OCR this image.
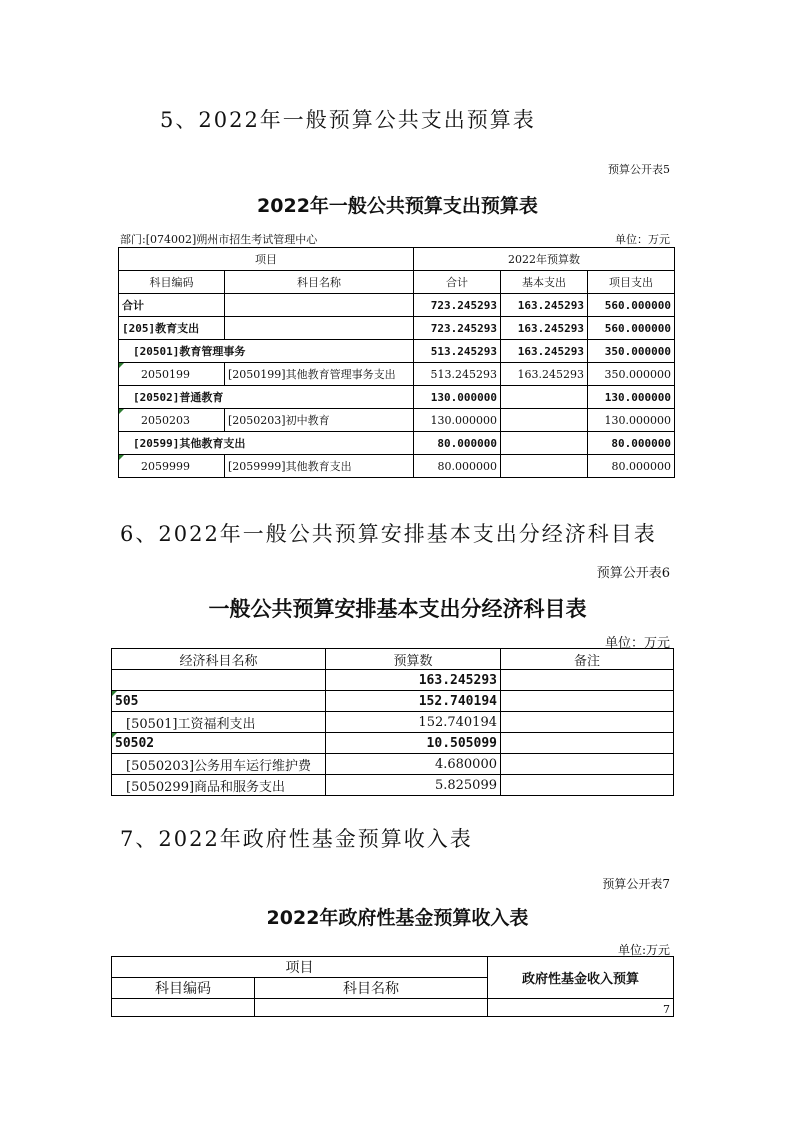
5、2022年一般预算公共支出预算表
预算公开表5
2022年一般公共预算支出预算表
部门:[074002]朔州市招生考试管理中心	单位：万元
项目		2022年预算数		
科目编码	科目名称	合计	基本支出	项目支出
合计		723.245293	163.245293	560.000000
[205]教育支出		723.245293	163.245293	560.000000
[20501]教育管理事务		513.245293	163.245293	350.000000
2050199	[2050199]其他教育管理事务支出	513.245293	163.245293	350.000000
[20502]普通教育		130.000000		130.000000
2050203	[2050203]初中教育	130.000000		130.000000
[20599]其他教育支出		80.000000		80.000000
2059999	[2059999]其他教育支出	80.000000		80.000000
6、2022年一般公共预算安排基本支出分经济科目表
预算公开表6
一般公共预算安排基本支出分经济科目表
单位：万元
经济科目名称	预算数	备注
	163.245293	
505	152.740194	
[50501]工资福利支出	152.740194	
50502	10.505099	
[5050203]公务用车运行维护费	4.680000	
[5050299]商品和服务支出	5.825099	
7、2022年政府性基金预算收入表
预算公开表7
2022年政府性基金预算收入表
单位:万元
项目		政府性基金收入预算
科目编码	科目名称	
		7
